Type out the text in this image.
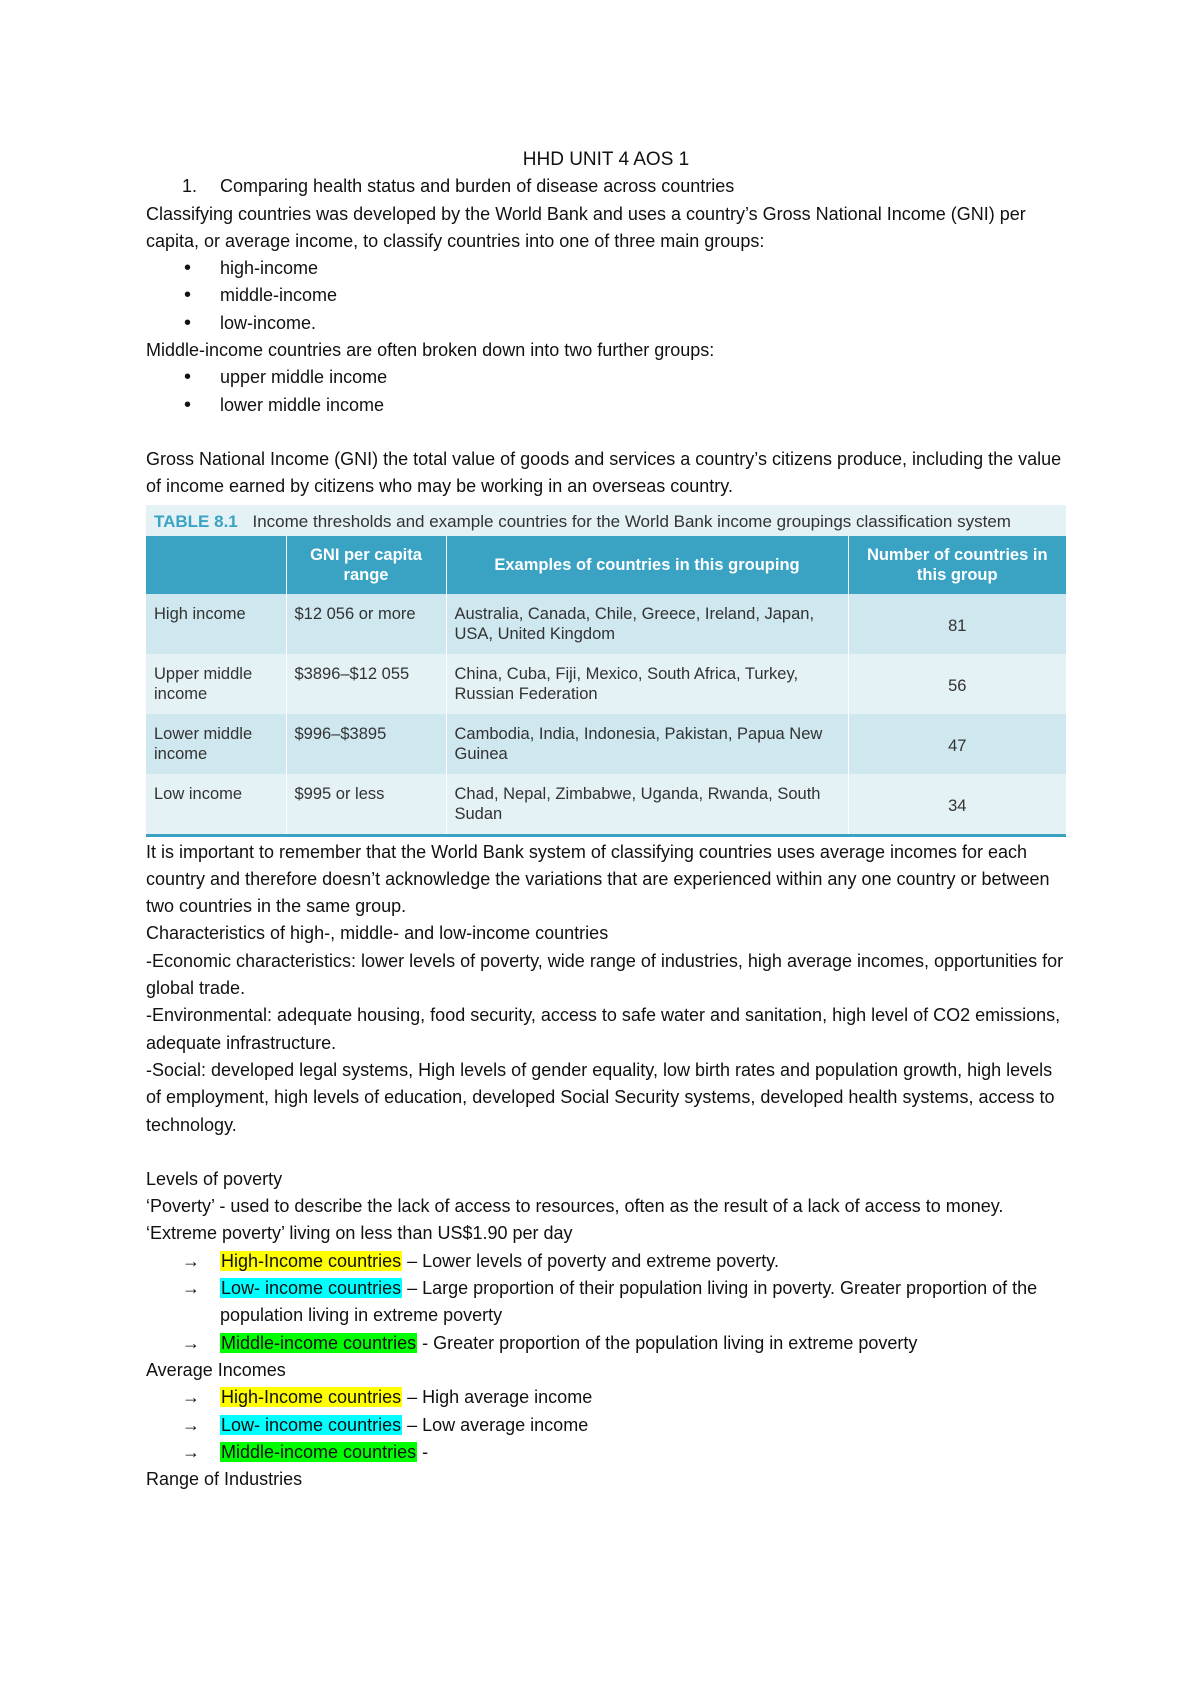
HHD UNIT 4 AOS 1

1. Comparing health status and burden of disease across countries

Classifying countries was developed by the World Bank and uses a country’s Gross National Income (GNI) per capita, or average income, to classify countries into one of three main groups:

• high-income
• middle-income
• low-income.

Middle-income countries are often broken down into two further groups:

• upper middle income
• lower middle income

Gross National Income (GNI) the total value of goods and services a country’s citizens produce, including the value of income earned by citizens who may be working in an overseas country.

TABLE 8.1 Income thresholds and example countries for the World Bank income groupings classification system
	GNI per capita range	Examples of countries in this grouping	Number of countries in this group
High income	$12 056 or more	Australia, Canada, Chile, Greece, Ireland, Japan, USA, United Kingdom	81
Upper middle income	$3896–$12 055	China, Cuba, Fiji, Mexico, South Africa, Turkey, Russian Federation	56
Lower middle income	$996–$3895	Cambodia, India, Indonesia, Pakistan, Papua New Guinea	47
Low income	$995 or less	Chad, Nepal, Zimbabwe, Uganda, Rwanda, South Sudan	34

It is important to remember that the World Bank system of classifying countries uses average incomes for each country and therefore doesn’t acknowledge the variations that are experienced within any one country or between two countries in the same group.

Characteristics of high-, middle- and low-income countries

-Economic characteristics: lower levels of poverty, wide range of industries, high average incomes, opportunities for global trade.

-Environmental: adequate housing, food security, access to safe water and sanitation, high level of CO2 emissions, adequate infrastructure.

-Social: developed legal systems, High levels of gender equality, low birth rates and population growth, high levels of employment, high levels of education, developed Social Security systems, developed health systems, access to technology.

Levels of poverty

‘Poverty’ - used to describe the lack of access to resources, often as the result of a lack of access to money.

‘Extreme poverty’ living on less than US$1.90 per day

→ High-Income countries – Lower levels of poverty and extreme poverty.
→ Low- income countries – Large proportion of their population living in poverty. Greater proportion of the population living in extreme poverty
→ Middle-income countries - Greater proportion of the population living in extreme poverty

Average Incomes

→ High-Income countries – High average income
→ Low- income countries – Low average income
→ Middle-income countries -

Range of Industries
